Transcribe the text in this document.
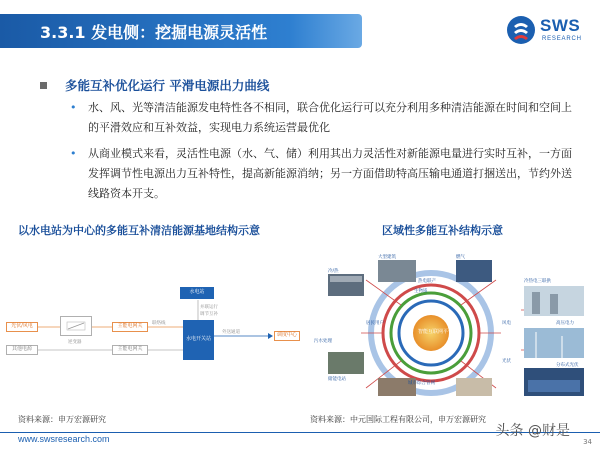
3.3.1 发电侧：挖掘电源灵活性	SWS
RESEARCH
多能互补优化运行 平滑电源出力曲线
• 水、风、光等清洁能源发电特性各不相同，联合优化运行可以充分利用多种清洁能源在时间和空间上的平滑效应和互补效益，实现电力系统运营最优化
• 从商业模式来看，灵活性电源（水、气、储）利用其出力灵活性对新能源电量进行实时互补，一方面发挥调节性电源出力互补特性，提高新能源消纳；另一方面借助特高压输电通道打捆送出，节约外送线路资本开支。
以水电站为中心的多能互补清洁能源基地结构示意	区域性多能互补结构示意
水电站
并联运行
调节互补
光伏/风电
逆变器
主能电网关	联络线
水电开关站
外送通道	调度中心
其他电源	主能电网关
资料来源：申万宏源研究
智能互联网平台
冷/热
大型建筑
热电联产
燃气
生物质
冷热电三联供
风电
光伏
污水处理
储能电站
城市综合管网
分布式光伏
居民用户	高压电力
资料来源：中元国际工程有限公司，申万宏源研究
www.swsresearch.com	头条 @财是
34
